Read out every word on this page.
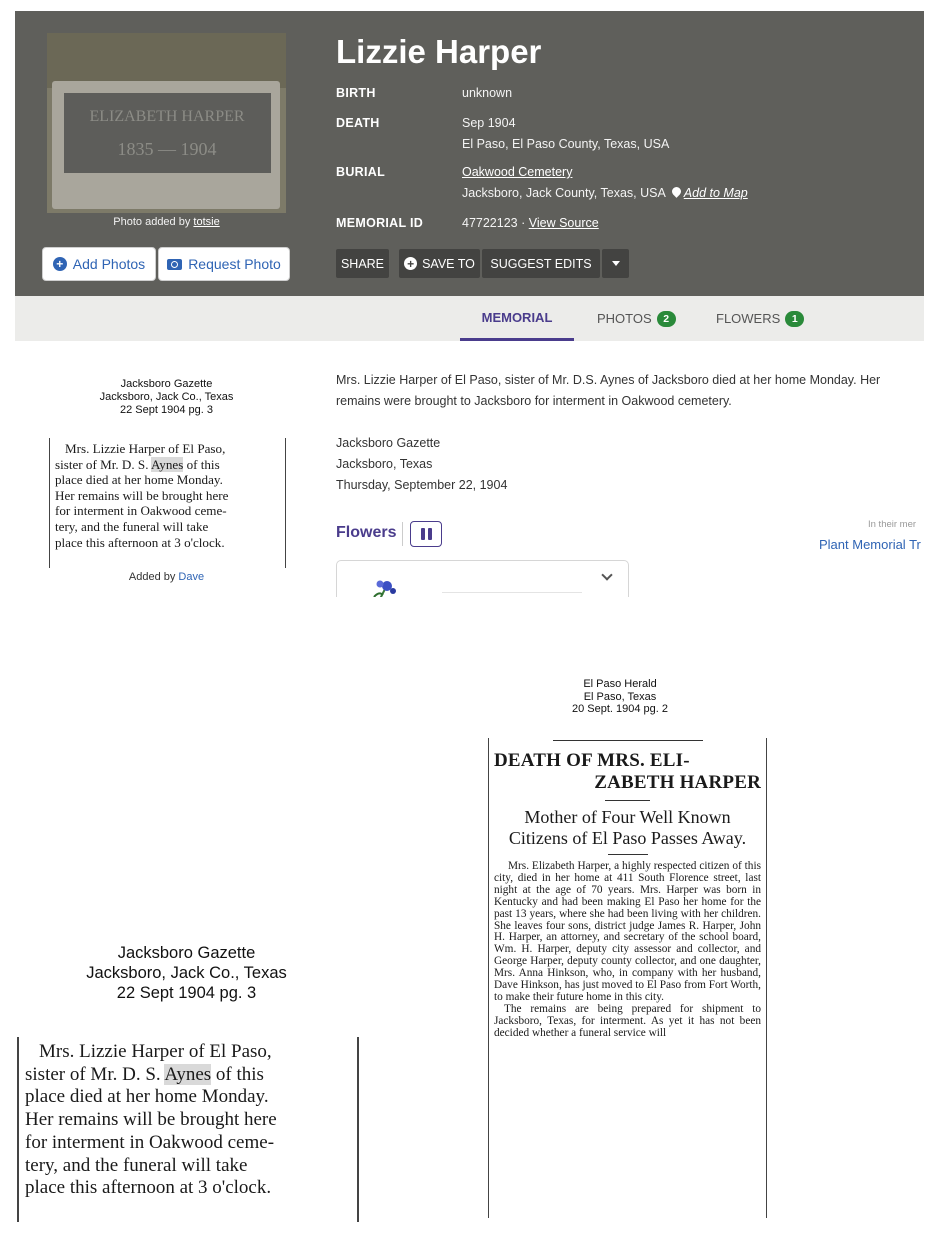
ELIZABETH HARPER
1835 — 1904
Photo added by totsie
+ Add Photos	Request Photo
Lizzie Harper
BIRTH	unknown
DEATH	Sep 1904
El Paso, El Paso County, Texas, USA
BURIAL	Oakwood Cemetery
Jacksboro, Jack County, Texas, USA Add to Map
MEMORIAL ID	47722123 · View Source
SHARE + SAVE TO SUGGEST EDITS
MEMORIAL	PHOTOS	2	FLOWERS	1
Jacksboro Gazette
Jacksboro, Jack Co., Texas
22 Sept 1904 pg. 3
Mrs. Lizzie Harper of El Paso,
sister of Mr. D. S. Aynes of this
place died at her home Monday.
Her remains will be brought here
for interment in Oakwood ceme-
tery, and the funeral will take
place this afternoon at 3 o'clock.
Added by Dave
Mrs. Lizzie Harper of El Paso, sister of Mr. D.S. Aynes of Jacksboro died at her home Monday. Her remains were brought to Jacksboro for interment in Oakwood cemetery.
Jacksboro Gazette
Jacksboro, Texas
Thursday, September 22, 1904
Flowers	In their mer
Plant Memorial Tr
Jacksboro Gazette
Jacksboro, Jack Co., Texas
22 Sept 1904 pg. 3
Mrs. Lizzie Harper of El Paso,
sister of Mr. D. S. Aynes of this
place died at her home Monday.
Her remains will be brought here
for interment in Oakwood ceme-
tery, and the funeral will take
place this afternoon at 3 o'clock.
El Paso Herald
El Paso, Texas
20 Sept. 1904 pg. 2
DEATH OF MRS. ELI-
ZABETH HARPER
Mother of Four Well Known Citizens of El Paso Passes Away.

Mrs. Elizabeth Harper, a highly respected citizen of this city, died in her home at 411 South Florence street, last night at the age of 70 years. Mrs. Harper was born in Kentucky and had been making El Paso her home for the past 13 years, where she had been living with her children. She leaves four sons, district judge James R. Harper, John H. Harper, an attorney, and secretary of the school board, Wm. H. Harper, deputy city assessor and collector, and George Harper, deputy county collector, and one daughter, Mrs. Anna Hinkson, who, in company with her husband, Dave Hinkson, has just moved to El Paso from Fort Worth, to make their future home in this city.

The remains are being prepared for shipment to Jacksboro, Texas, for interment. As yet it has not been decided whether a funeral service will
